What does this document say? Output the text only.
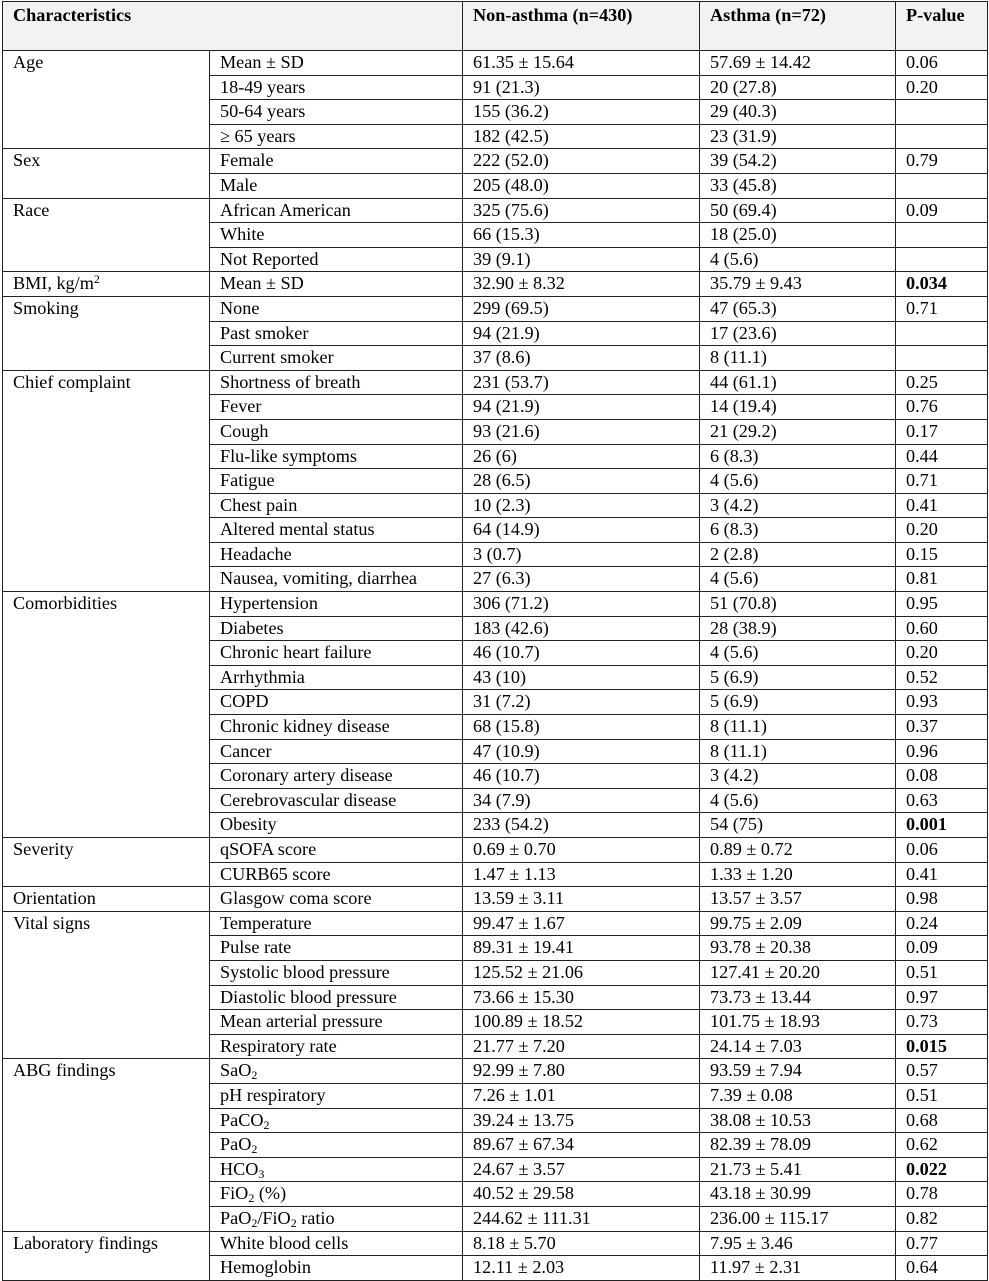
Characteristics		Non-asthma (n=430)	Asthma (n=72)	P-value
Age	Mean ± SD	61.35 ± 15.64	57.69 ± 14.42	0.06
	18-49 years	91 (21.3)	20 (27.8)	0.20
	50-64 years	155 (36.2)	29 (40.3)	
	≥ 65 years	182 (42.5)	23 (31.9)	
Sex	Female	222 (52.0)	39 (54.2)	0.79
	Male	205 (48.0)	33 (45.8)	
Race	African American	325 (75.6)	50 (69.4)	0.09
	White	66 (15.3)	18 (25.0)	
	Not Reported	39 (9.1)	4 (5.6)	
BMI, $kg/m^2$	Mean ± SD	32.90 ± 8.32	35.79 ± 9.43	0.034
Smoking	None	299 (69.5)	47 (65.3)	0.71
	Past smoker	94 (21.9)	17 (23.6)	
	Current smoker	37 (8.6)	8 (11.1)	
Chief complaint	Shortness of breath	231 (53.7)	44 (61.1)	0.25
	Fever	94 (21.9)	14 (19.4)	0.76
	Cough	93 (21.6)	21 (29.2)	0.17
	Flu-like symptoms	26 (6)	6 (8.3)	0.44
	Fatigue	28 (6.5)	4 (5.6)	0.71
	Chest pain	10 (2.3)	3 (4.2)	0.41
	Altered mental status	64 (14.9)	6 (8.3)	0.20
	Headache	3 (0.7)	2 (2.8)	0.15
	Nausea, vomiting, diarrhea	27 (6.3)	4 (5.6)	0.81
Comorbidities	Hypertension	306 (71.2)	51 (70.8)	0.95
	Diabetes	183 (42.6)	28 (38.9)	0.60
	Chronic heart failure	46 (10.7)	4 (5.6)	0.20
	Arrhythmia	43 (10)	5 (6.9)	0.52
	COPD	31 (7.2)	5 (6.9)	0.93
	Chronic kidney disease	68 (15.8)	8 (11.1)	0.37
	Cancer	47 (10.9)	8 (11.1)	0.96
	Coronary artery disease	46 (10.7)	3 (4.2)	0.08
	Cerebrovascular disease	34 (7.9)	4 (5.6)	0.63
	Obesity	233 (54.2)	54 (75)	0.001
Severity	qSOFA score	0.69 ± 0.70	0.89 ± 0.72	0.06
	CURB65 score	1.47 ± 1.13	1.33 ± 1.20	0.41
Orientation	Glasgow coma score	13.59 ± 3.11	13.57 ± 3.57	0.98
Vital signs	Temperature	99.47 ± 1.67	99.75 ± 2.09	0.24
	Pulse rate	89.31 ± 19.41	93.78 ± 20.38	0.09
	Systolic blood pressure	125.52 ± 21.06	127.41 ± 20.20	0.51
	Diastolic blood pressure	73.66 ± 15.30	73.73 ± 13.44	0.97
	Mean arterial pressure	100.89 ± 18.52	101.75 ± 18.93	0.73
	Respiratory rate	21.77 ± 7.20	24.14 ± 7.03	0.015
ABG findings	SaO$_2$	92.99 ± 7.80	93.59 ± 7.94	0.57
	pH respiratory	7.26 ± 1.01	7.39 ± 0.08	0.51
	PaCO$_2$	39.24 ± 13.75	38.08 ± 10.53	0.68
	PaO$_2$	89.67 ± 67.34	82.39 ± 78.09	0.62
	$HCO_3$	24.67 ± 3.57	21.73 ± 5.41	0.022
	FiO$_2$ (%)	40.52 ± 29.58	43.18 ± 30.99	0.78
	PaO$_2$/FiO$_2$ ratio	244.62 ± 111.31	236.00 ± 115.17	0.82
Laboratory findings	White blood cells	8.18 ± 5.70	7.95 ± 3.46	0.77
	Hemoglobin	12.11 ± 2.03	11.97 ± 2.31	0.64
